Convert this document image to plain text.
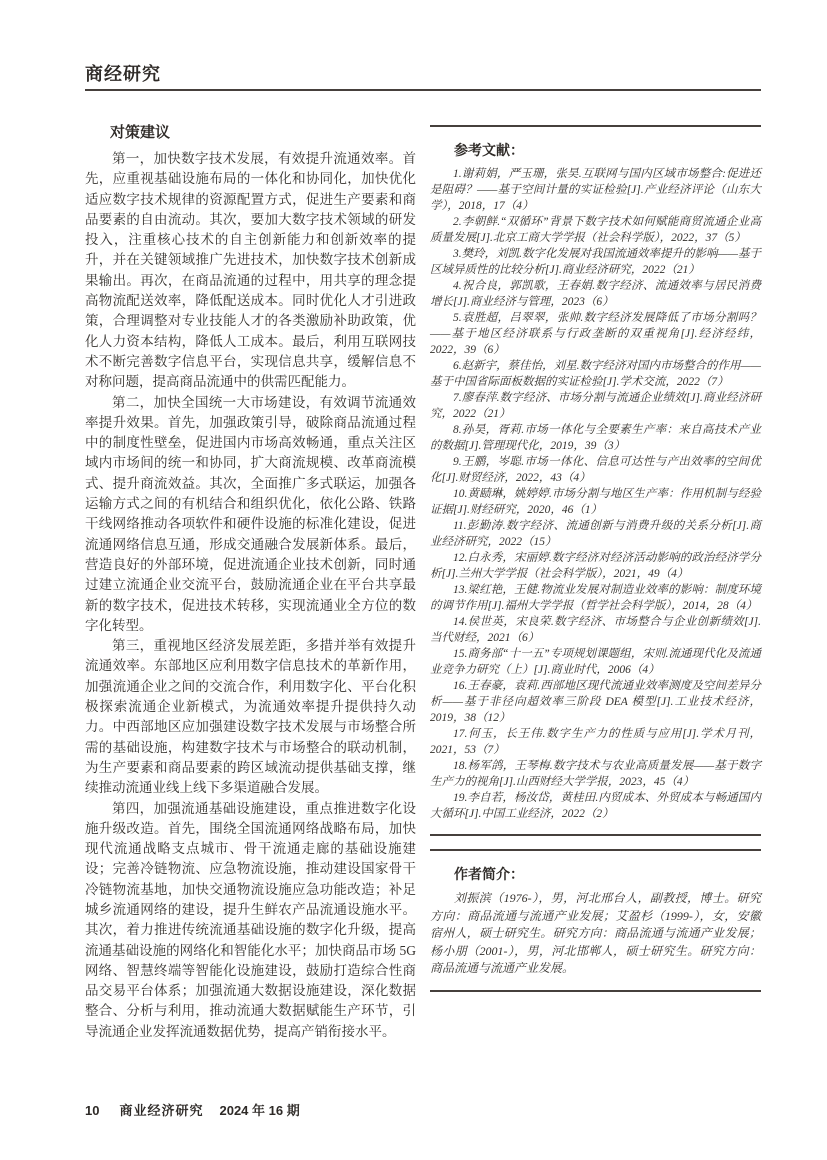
商经研究
对策建议

第一，加快数字技术发展，有效提升流通效率。首先，应重视基础设施布局的一体化和协同化，加快优化适应数字技术规律的资源配置方式，促进生产要素和商品要素的自由流动。其次，要加大数字技术领域的研发投入，注重核心技术的自主创新能力和创新效率的提升，并在关键领域推广先进技术，加快数字技术创新成果输出。再次，在商品流通的过程中，用共享的理念提高物流配送效率，降低配送成本。同时优化人才引进政策，合理调整对专业技能人才的各类激励补助政策，优化人力资本结构，降低人工成本。最后，利用互联网技术不断完善数字信息平台，实现信息共享，缓解信息不对称问题，提高商品流通中的供需匹配能力。

第二，加快全国统一大市场建设，有效调节流通效率提升效果。首先，加强政策引导，破除商品流通过程中的制度性壁垒，促进国内市场高效畅通，重点关注区域内市场间的统一和协同，扩大商流规模、改革商流模式、提升商流效益。其次，全面推广多式联运，加强各运输方式之间的有机结合和组织优化，依化公路、铁路干线网络推动各项软件和硬件设施的标准化建设，促进流通网络信息互通，形成交通融合发展新体系。最后，营造良好的外部环境，促进流通企业技术创新，同时通过建立流通企业交流平台，鼓励流通企业在平台共享最新的数字技术，促进技术转移，实现流通业全方位的数字化转型。

第三，重视地区经济发展差距，多措并举有效提升流通效率。东部地区应利用数字信息技术的革新作用，加强流通企业之间的交流合作，利用数字化、平台化积极探索流通企业新模式，为流通效率提升提供持久动力。中西部地区应加强建设数字技术发展与市场整合所需的基础设施，构建数字技术与市场整合的联动机制，为生产要素和商品要素的跨区域流动提供基础支撑，继续推动流通业线上线下多渠道融合发展。

第四，加强流通基础设施建设，重点推进数字化设施升级改造。首先，围绕全国流通网络战略布局，加快现代流通战略支点城市、骨干流通走廊的基础设施建设；完善冷链物流、应急物流设施，推动建设国家骨干冷链物流基地，加快交通物流设施应急功能改造；补足城乡流通网络的建设，提升生鲜农产品流通设施水平。其次，着力推进传统流通基础设施的数字化升级，提高流通基础设施的网络化和智能化水平；加快商品市场 5G 网络、智慧终端等智能化设施建设，鼓励打造综合性商品交易平台体系；加强流通大数据设施建设，深化数据整合、分析与利用，推动流通大数据赋能生产环节，引导流通企业发挥流通数据优势，提高产销衔接水平。

参考文献：

1.谢莉娟，严玉珊，张昊.互联网与国内区域市场整合:促进还是阻碍？——基于空间计量的实证检验[J].产业经济评论（山东大学），2018，17（4）

2.李朝鲜.“双循环”背景下数字技术如何赋能商贸流通企业高质量发展[J].北京工商大学学报（社会科学版），2022，37（5）

3.樊玲，刘凯.数字化发展对我国流通效率提升的影响——基于区域异质性的比较分析[J].商业经济研究，2022（21）

4.祝合良，郭凯歌，王春娟.数字经济、流通效率与居民消费增长[J].商业经济与管理，2023（6）

5.袁胜超，吕翠翠，张帅.数字经济发展降低了市场分割吗？——基于地区经济联系与行政垄断的双重视角[J].经济经纬，2022，39（6）

6.赵新宇，蔡佳怡，刘星.数字经济对国内市场整合的作用——基于中国省际面板数据的实证检验[J].学术交流，2022（7）

7.廖春萍.数字经济、市场分割与流通企业绩效[J].商业经济研究，2022（21）

8.孙昊，胥莉.市场一体化与全要素生产率：来自高技术产业的数据[J].管理现代化，2019，39（3）

9.王鹏，岑聪.市场一体化、信息可达性与产出效率的空间优化[J].财贸经济，2022，43（4）

10.黄赜琳，姚婷婷.市场分割与地区生产率：作用机制与经验证据[J].财经研究，2020，46（1）

11.彭勤涛.数字经济、流通创新与消费升级的关系分析[J].商业经济研究，2022（15）

12.白永秀，宋丽婷.数字经济对经济活动影响的政治经济学分析[J].兰州大学学报（社会科学版），2021，49（4）

13.梁红艳，王健.物流业发展对制造业效率的影响：制度环境的调节作用[J].福州大学学报（哲学社会科学版），2014，28（4）

14.侯世英，宋良荣.数字经济、市场整合与企业创新绩效[J].当代财经，2021（6）

15.商务部“十一五”专项规划课题组，宋则.流通现代化及流通业竞争力研究（上）[J].商业时代，2006（4）

16.王春豪，袁莉.西部地区现代流通业效率测度及空间差异分析——基于非径向超效率三阶段 DEA 模型[J].工业技术经济，2019，38（12）

17.何玉，长王伟.数字生产力的性质与应用[J].学术月刊，2021，53（7）

18.杨军鸽，王琴梅.数字技术与农业高质量发展——基于数字生产力的视角[J].山西财经大学学报，2023，45（4）

19.李自若，杨汝岱，黄桂田.内贸成本、外贸成本与畅通国内大循环[J].中国工业经济，2022（2）

作者简介：

刘振滨（1976-），男，河北邢台人，副教授，博士。研究方向：商品流通与流通产业发展；艾盈杉（1999-），女，安徽宿州人，硕士研究生。研究方向：商品流通与流通产业发展；杨小朋（2001-），男，河北邯郸人，硕士研究生。研究方向：商品流通与流通产业发展。

10 商业经济研究 2024 年 16 期
